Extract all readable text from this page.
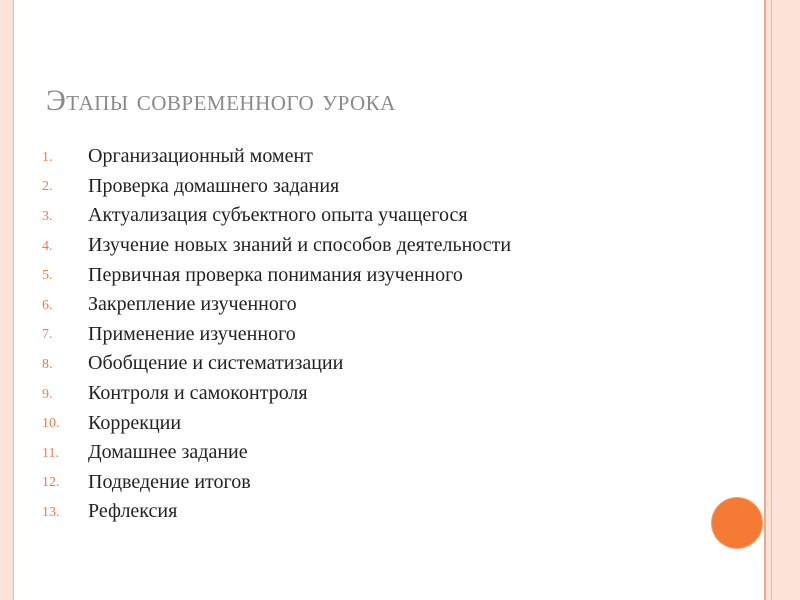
Этапы современного урока
1.	Организационный момент
2.	Проверка домашнего задания
3.	Актуализация субъектного опыта учащегося
4.	Изучение новых знаний и способов деятельности
5.	Первичная проверка понимания изученного
6.	Закрепление изученного
7.	Применение изученного
8.	Обобщение и систематизации
9.	Контроля и самоконтроля
10.	Коррекции
11.	Домашнее задание
12.	Подведение итогов
13.	Рефлексия
